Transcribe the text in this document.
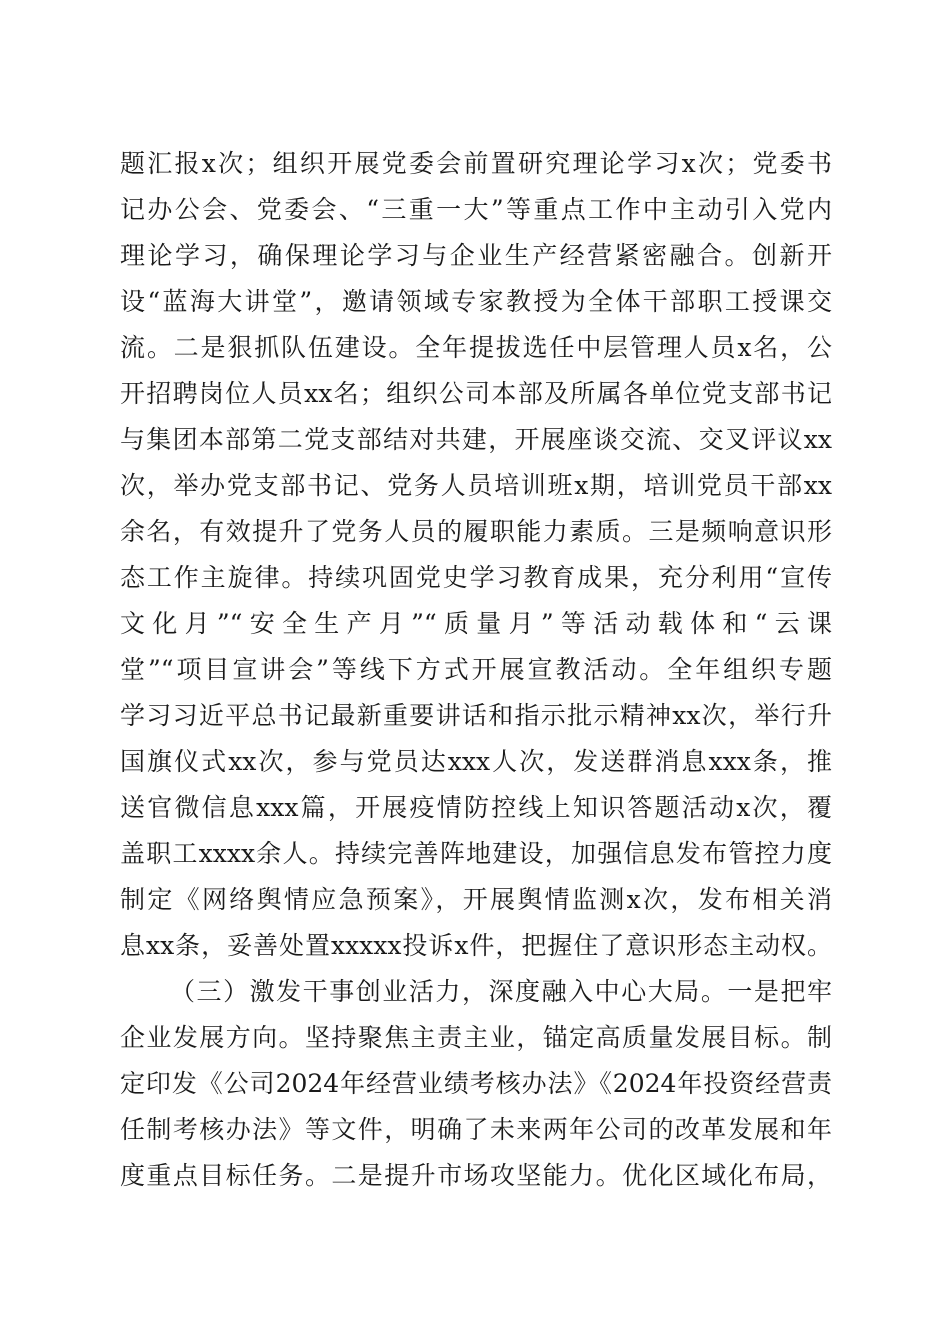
题汇报x次；组织开展党委会前置研究理论学习x次；党委书
记办公会、党委会、“三重一大”等重点工作中主动引入党内
理论学习，确保理论学习与企业生产经营紧密融合。创新开
设“蓝海大讲堂”，邀请领域专家教授为全体干部职工授课交
流。二是狠抓队伍建设。全年提拔选任中层管理人员x名，公
开招聘岗位人员xx名；组织公司本部及所属各单位党支部书记
与集团本部第二党支部结对共建，开展座谈交流、交叉评议xx
次，举办党支部书记、党务人员培训班x期，培训党员干部xx
余名，有效提升了党务人员的履职能力素质。三是频响意识形
态工作主旋律。持续巩固党史学习教育成果，充分利用“宣传
文化月”“安全生产月”“质量月”等活动载体和“云课
堂”“项目宣讲会”等线下方式开展宣教活动。全年组织专题
学习习近平总书记最新重要讲话和指示批示精神xx次，举行升
国旗仪式xx次，参与党员达xxx人次，发送群消息xxx条，推
送官微信息xxx篇，开展疫情防控线上知识答题活动x次，覆
盖职工xxxx余人。持续完善阵地建设，加强信息发布管控力度
制定《网络舆情应急预案》，开展舆情监测x次，发布相关消
息xx条，妥善处置xxxxx投诉x件，把握住了意识形态主动权。
（三）激发干事创业活力，深度融入中心大局。一是把牢
企业发展方向。坚持聚焦主责主业，锚定高质量发展目标。制
定印发《公司2024年经营业绩考核办法》《2024年投资经营责
任制考核办法》等文件，明确了未来两年公司的改革发展和年
度重点目标任务。二是提升市场攻坚能力。优化区域化布局，
